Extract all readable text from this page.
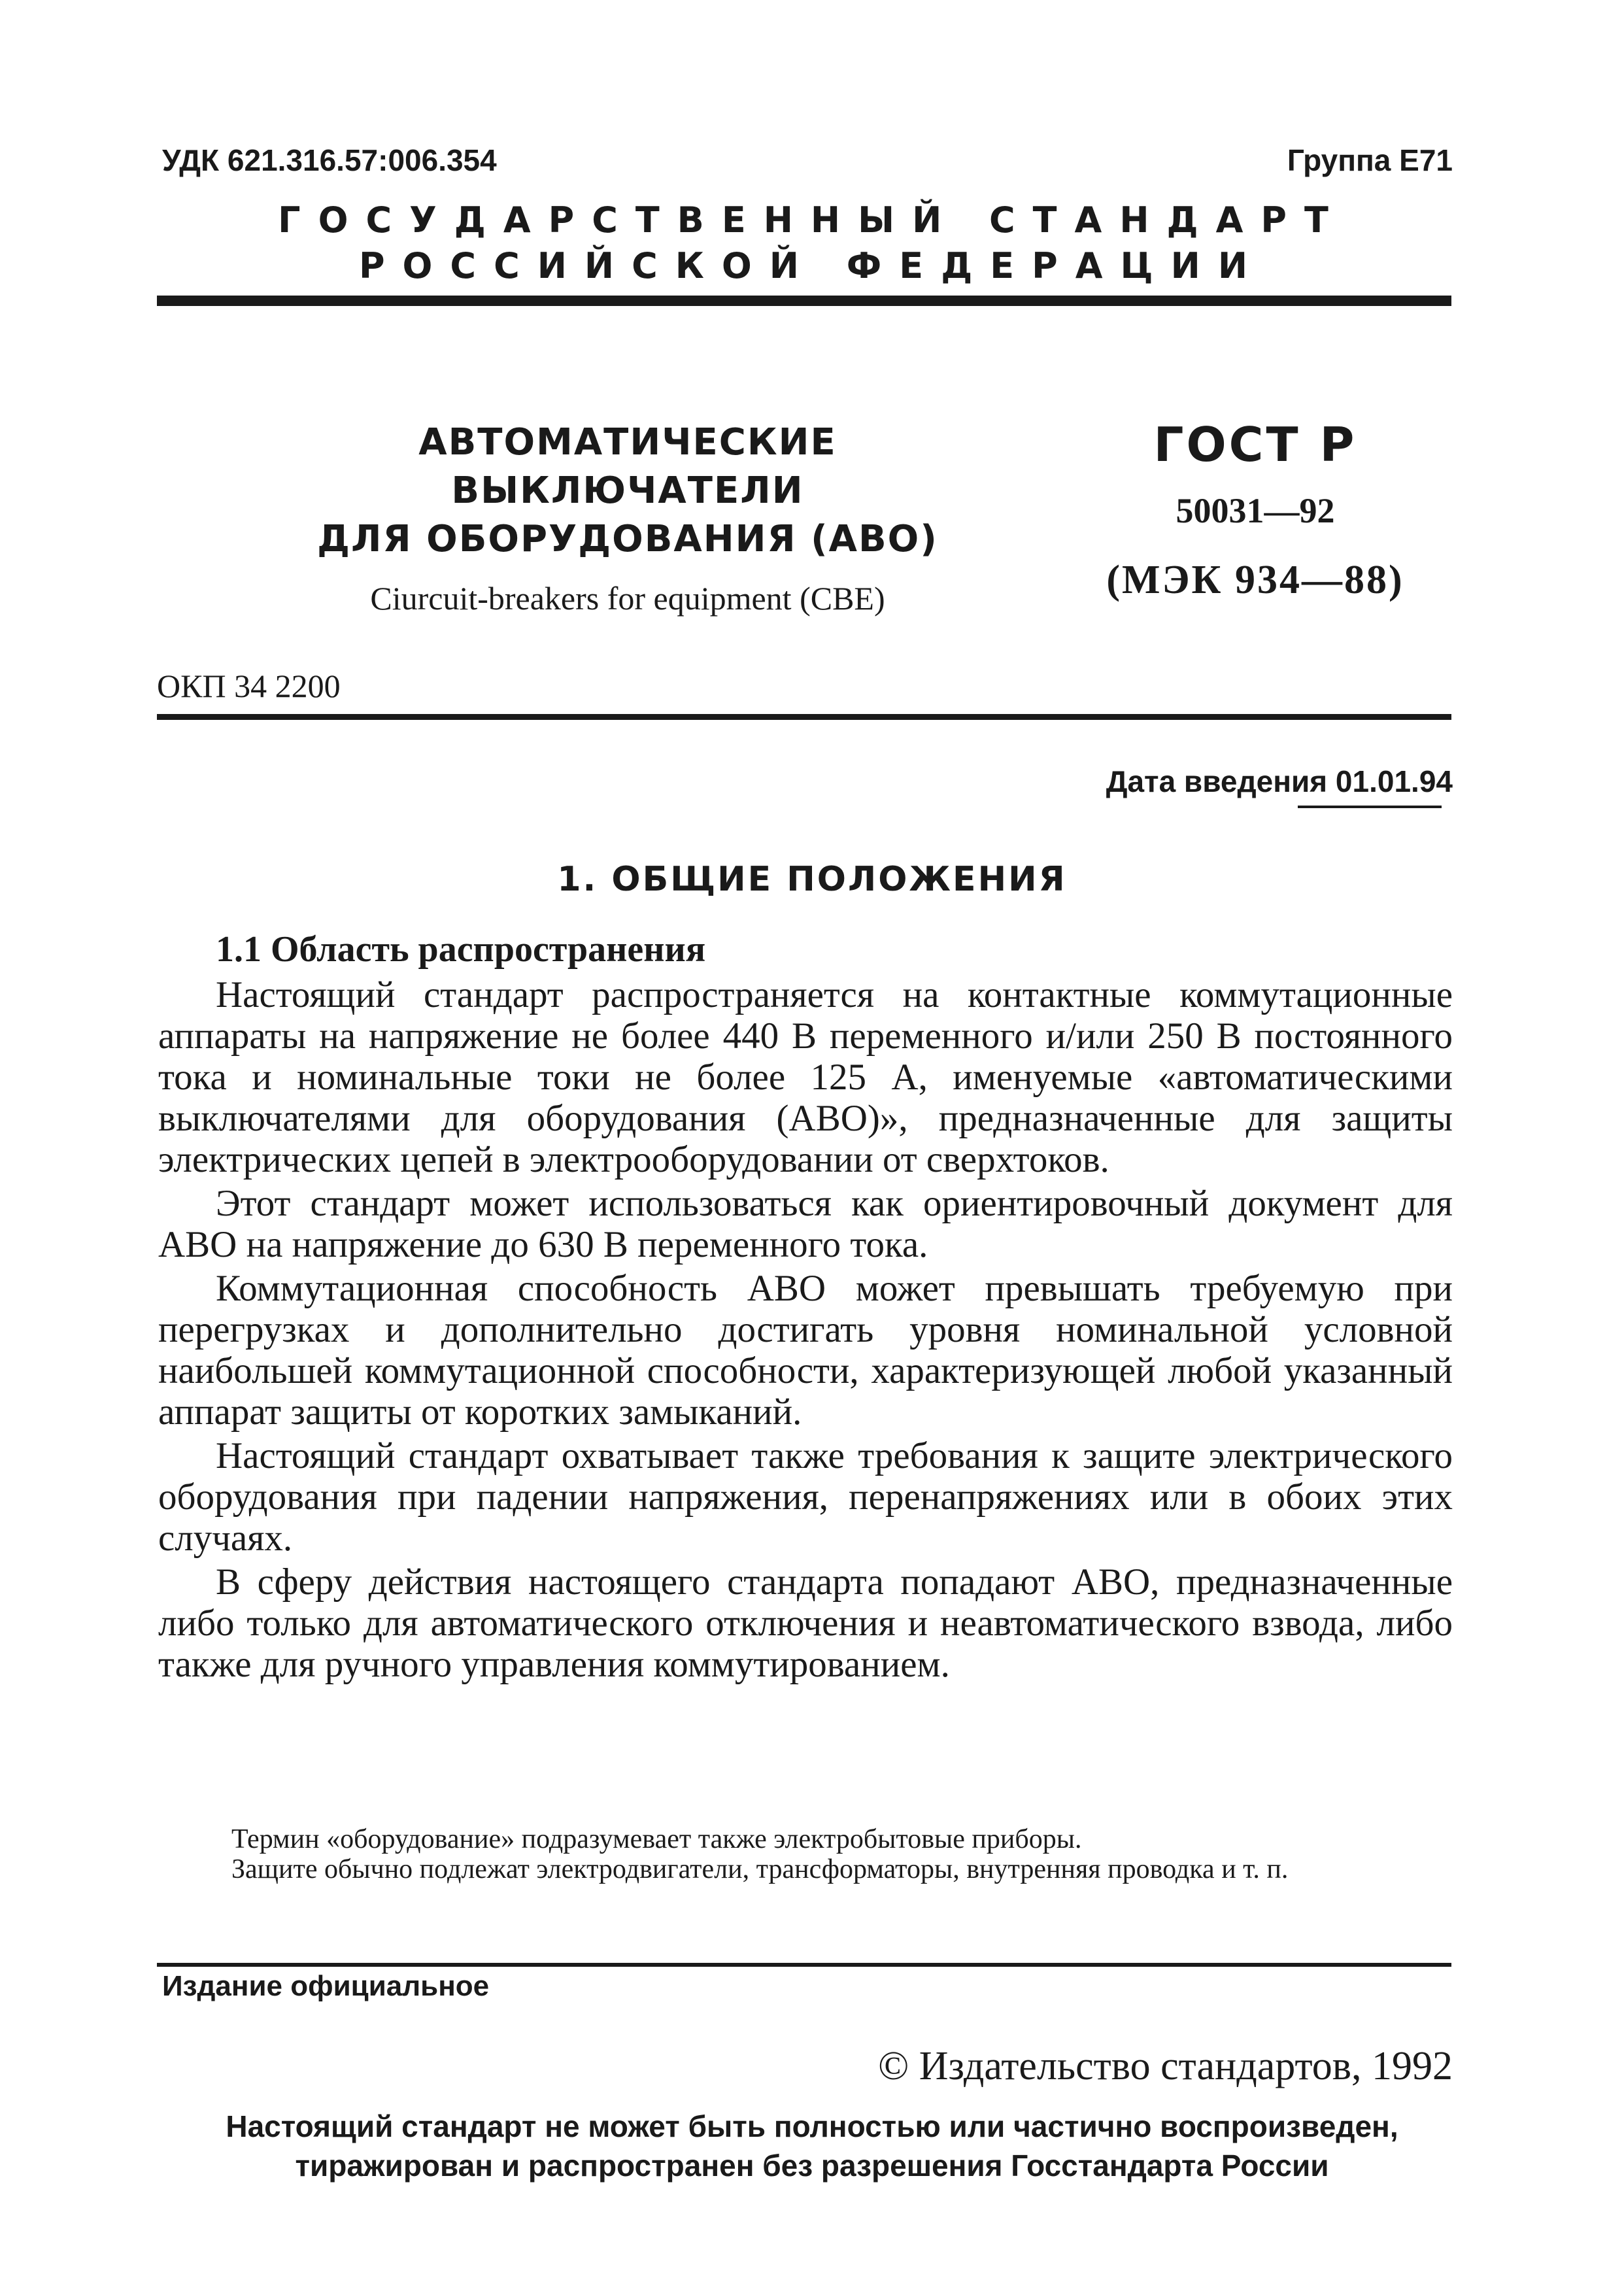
УДК 621.316.57:006.354	Группа Е71
ГОСУДАРСТВЕННЫЙ СТАНДАРТ
РОССИЙСКОЙ ФЕДЕРАЦИИ
АВТОМАТИЧЕСКИЕ ВЫКЛЮЧАТЕЛИ
ДЛЯ ОБОРУДОВАНИЯ (АВО)
Ciurcuit-breakers for equipment (CBE)
ГОСТ Р
50031—92
(МЭК 934—88)
ОКП 34 2200
Дата введения 01.01.94
1. ОБЩИЕ ПОЛОЖЕНИЯ
1.1 Область распространения

Настоящий стандарт распространяется на контактные коммутационные аппараты на напряжение не более 440 В переменного и/или 250 В постоянного тока и номинальные токи не более 125 А, именуемые «автоматическими выключателями для оборудования (АВО)», предназначенные для защиты электрических цепей в электрооборудовании от сверхтоков.

Этот стандарт может использоваться как ориентировочный документ для АВО на напряжение до 630 В переменного тока.

Коммутационная способность АВО может превышать требуемую при перегрузках и дополнительно достигать уровня номинальной условной наибольшей коммутационной способности, характеризующей любой указанный аппарат защиты от коротких замыканий.

Настоящий стандарт охватывает также требования к защите электрического оборудования при падении напряжения, перенапряжениях или в обоих этих случаях.

В сферу действия настоящего стандарта попадают АВО, предназначенные либо только для автоматического отключения и неавтоматического взвода, либо также для ручного управления коммутированием.

Термин «оборудование» подразумевает также электробытовые приборы.

Защите обычно подлежат электродвигатели, трансформаторы, внутренняя проводка и т. п.

Издание официальное
© Издательство стандартов, 1992
Настоящий стандарт не может быть полностью или частично воспроизведен,
тиражирован и распространен без разрешения Госстандарта России
